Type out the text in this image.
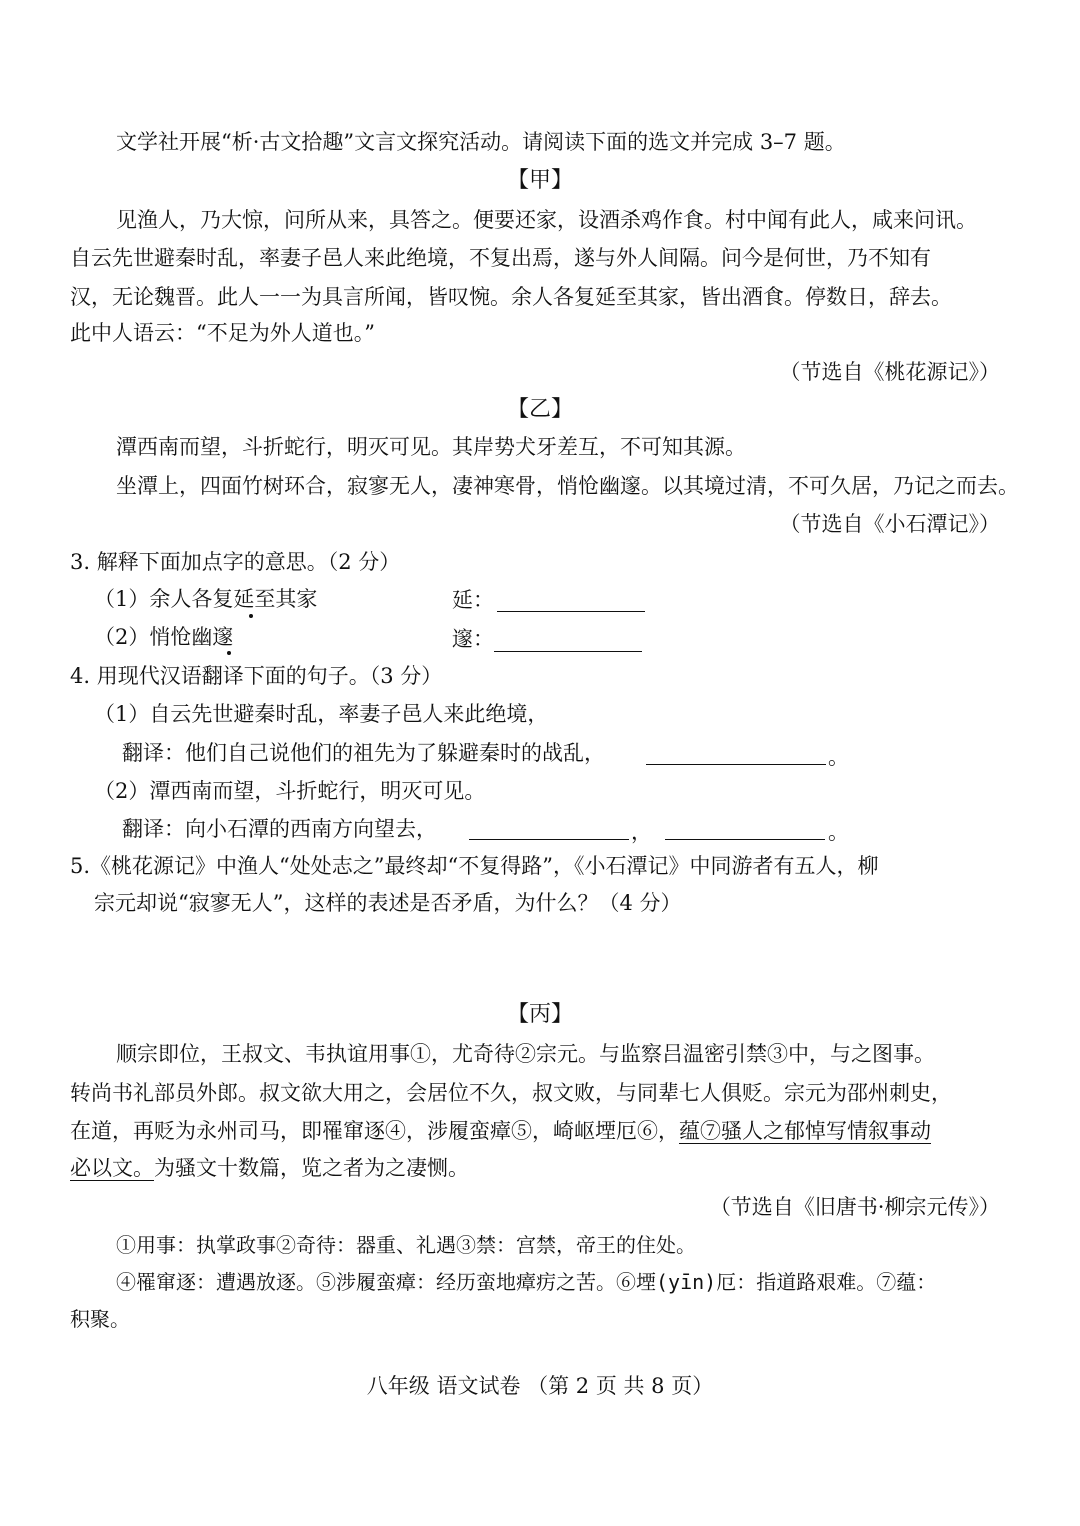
文学社开展“析·古文拾趣”文言文探究活动。请阅读下面的选文并完成 3–7 题。

【甲】

见渔人，乃大惊，问所从来，具答之。便要还家，设酒杀鸡作食。村中闻有此人，咸来问讯。

自云先世避秦时乱，率妻子邑人来此绝境，不复出焉，遂与外人间隔。问今是何世，乃不知有

汉，无论魏晋。此人一一为具言所闻，皆叹惋。余人各复延至其家，皆出酒食。停数日，辞去。

此中人语云：“不足为外人道也。”

（节选自《桃花源记》）

【乙】

潭西南而望，斗折蛇行，明灭可见。其岸势犬牙差互，不可知其源。

坐潭上，四面竹树环合，寂寥无人，凄神寒骨，悄怆幽邃。以其境过清，不可久居，乃记之而去。

（节选自《小石潭记》）

3. 解释下面加点字的意思。（2 分）

（1）余人各复延至其家	延：

（2）悄怆幽邃	邃：

4. 用现代汉语翻译下面的句子。（3 分）

（1）自云先世避秦时乱，率妻子邑人来此绝境，

翻译：他们自己说他们的祖先为了躲避秦时的战乱，	。

（2）潭西南而望，斗折蛇行，明灭可见。

翻译：向小石潭的西南方向望去，	，	。

5.《桃花源记》中渔人“处处志之”最终却“不复得路”，《小石潭记》中同游者有五人，柳

宗元却说“寂寥无人”，这样的表述是否矛盾，为什么？（4 分）

【丙】

顺宗即位，王叔文、韦执谊用事①，尤奇待②宗元。与监察吕温密引禁③中，与之图事。

转尚书礼部员外郎。叔文欲大用之，会居位不久，叔文败，与同辈七人俱贬。宗元为邵州刺史，

在道，再贬为永州司马，即罹窜逐④，涉履蛮瘴⑤，崎岖堙厄⑥，蕴⑦骚人之郁悼写情叙事动

必以文。为骚文十数篇，览之者为之凄恻。

（节选自《旧唐书·柳宗元传》）

①用事：执掌政事②奇待：器重、礼遇③禁：宫禁，帝王的住处。

④罹窜逐：遭遇放逐。⑤涉履蛮瘴：经历蛮地瘴疠之苦。⑥堙(yīn)厄：指道路艰难。⑦蕴：

积聚。

八年级 语文试卷 （第 2 页 共 8 页）
